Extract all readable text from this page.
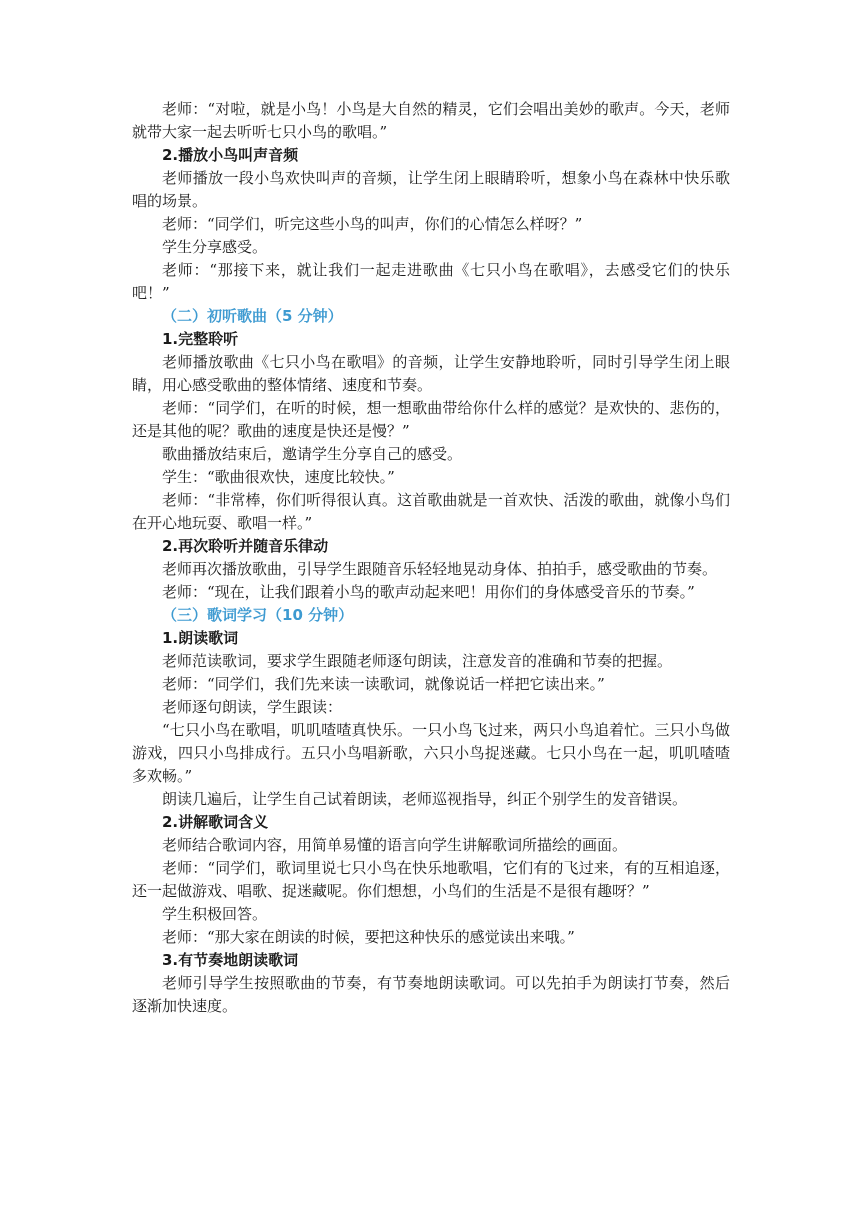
老师：“对啦，就是小鸟！小鸟是大自然的精灵，它们会唱出美妙的歌声。今天，老师就带大家一起去听听七只小鸟的歌唱。”

2.播放小鸟叫声音频

老师播放一段小鸟欢快叫声的音频，让学生闭上眼睛聆听，想象小鸟在森林中快乐歌唱的场景。

老师：“同学们，听完这些小鸟的叫声，你们的心情怎么样呀？”

学生分享感受。

老师：“那接下来，就让我们一起走进歌曲《七只小鸟在歌唱》，去感受它们的快乐吧！”

（二）初听歌曲（5 分钟）

1.完整聆听

老师播放歌曲《七只小鸟在歌唱》的音频，让学生安静地聆听，同时引导学生闭上眼睛，用心感受歌曲的整体情绪、速度和节奏。

老师：“同学们，在听的时候，想一想歌曲带给你什么样的感觉？是欢快的、悲伤的，还是其他的呢？歌曲的速度是快还是慢？”

歌曲播放结束后，邀请学生分享自己的感受。

学生：“歌曲很欢快，速度比较快。”

老师：“非常棒，你们听得很认真。这首歌曲就是一首欢快、活泼的歌曲，就像小鸟们在开心地玩耍、歌唱一样。”

2.再次聆听并随音乐律动

老师再次播放歌曲，引导学生跟随音乐轻轻地晃动身体、拍拍手，感受歌曲的节奏。

老师：“现在，让我们跟着小鸟的歌声动起来吧！用你们的身体感受音乐的节奏。”

（三）歌词学习（10 分钟）

1.朗读歌词

老师范读歌词，要求学生跟随老师逐句朗读，注意发音的准确和节奏的把握。

老师：“同学们，我们先来读一读歌词，就像说话一样把它读出来。”

老师逐句朗读，学生跟读：

“七只小鸟在歌唱，叽叽喳喳真快乐。一只小鸟飞过来，两只小鸟追着忙。三只小鸟做游戏，四只小鸟排成行。五只小鸟唱新歌，六只小鸟捉迷藏。七只小鸟在一起，叽叽喳喳多欢畅。”

朗读几遍后，让学生自己试着朗读，老师巡视指导，纠正个别学生的发音错误。

2.讲解歌词含义

老师结合歌词内容，用简单易懂的语言向学生讲解歌词所描绘的画面。

老师：“同学们，歌词里说七只小鸟在快乐地歌唱，它们有的飞过来，有的互相追逐，还一起做游戏、唱歌、捉迷藏呢。你们想想，小鸟们的生活是不是很有趣呀？”

学生积极回答。

老师：“那大家在朗读的时候，要把这种快乐的感觉读出来哦。”

3.有节奏地朗读歌词

老师引导学生按照歌曲的节奏，有节奏地朗读歌词。可以先拍手为朗读打节奏，然后逐渐加快速度。
